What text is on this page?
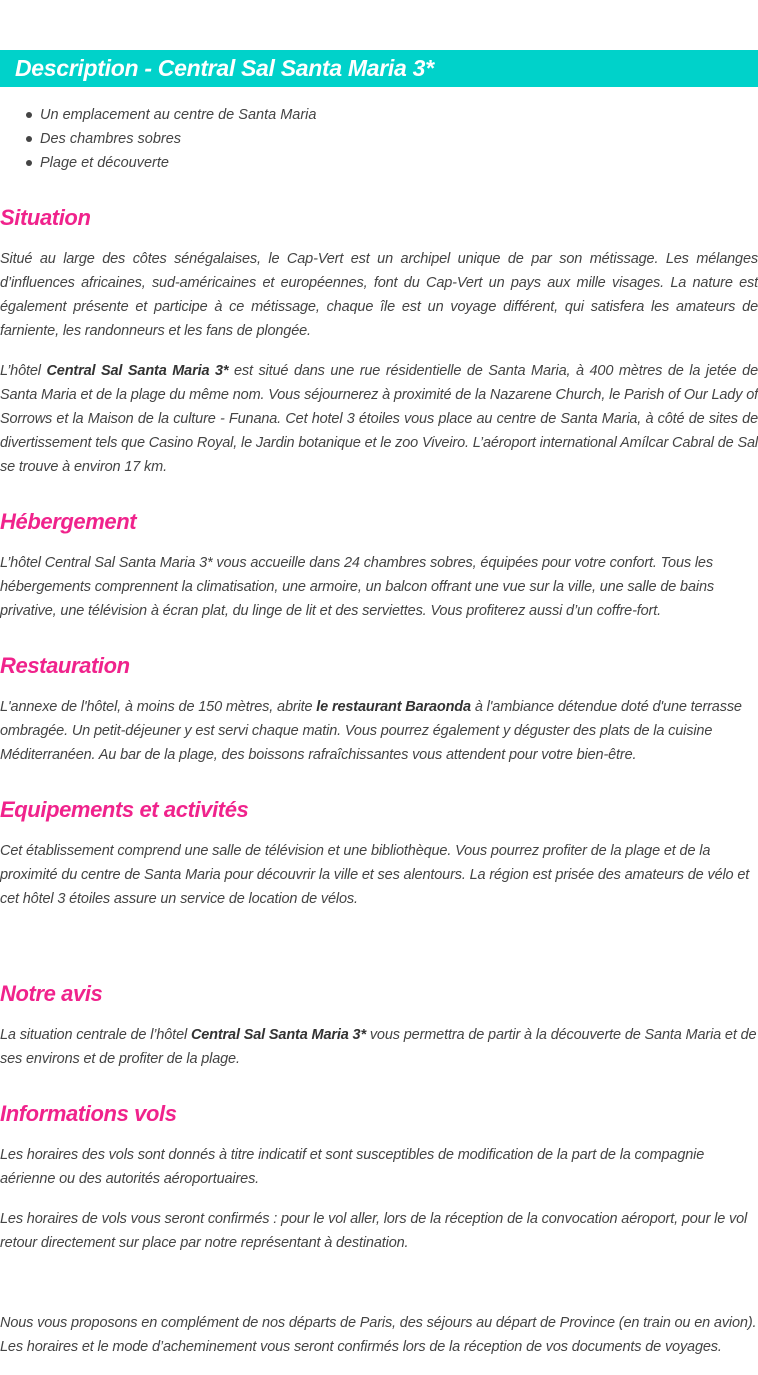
Description - Central Sal Santa Maria 3*
Un emplacement au centre de Santa Maria
Des chambres sobres
Plage et découverte
Situation

Situé au large des côtes sénégalaises, le Cap-Vert est un archipel unique de par son métissage. Les mélanges d’influences africaines, sud-américaines et européennes, font du Cap-Vert un pays aux mille visages. La nature est également présente et participe à ce métissage, chaque île est un voyage différent, qui satisfera les amateurs de farniente, les randonneurs et les fans de plongée.

L’hôtel Central Sal Santa Maria 3* est situé dans une rue résidentielle de Santa Maria, à 400 mètres de la jetée de Santa Maria et de la plage du même nom. Vous séjournerez à proximité de la Nazarene Church, le Parish of Our Lady of Sorrows et la Maison de la culture - Funana. Cet hotel 3 étoiles vous place au centre de Santa Maria, à côté de sites de divertissement tels que Casino Royal, le Jardin botanique et le zoo Viveiro. L’aéroport international Amílcar Cabral de Sal se trouve à environ 17 km.

Hébergement

L’hôtel Central Sal Santa Maria 3* vous accueille dans 24 chambres sobres, équipées pour votre confort. Tous les hébergements comprennent la climatisation, une armoire, un balcon offrant une vue sur la ville, une salle de bains privative, une télévision à écran plat, du linge de lit et des serviettes. Vous profiterez aussi d’un coffre-fort.

Restauration

L'annexe de l'hôtel, à moins de 150 mètres, abrite le restaurant Baraonda à l'ambiance détendue doté d'une terrasse ombragée. Un petit-déjeuner y est servi chaque matin. Vous pourrez également y déguster des plats de la cuisine Méditerranéen. Au bar de la plage, des boissons rafraîchissantes vous attendent pour votre bien-être.

Equipements et activités

Cet établissement comprend une salle de télévision et une bibliothèque. Vous pourrez profiter de la plage et de la proximité du centre de Santa Maria pour découvrir la ville et ses alentours. La région est prisée des amateurs de vélo et cet hôtel 3 étoiles assure un service de location de vélos.

Notre avis

La situation centrale de l’hôtel Central Sal Santa Maria 3* vous permettra de partir à la découverte de Santa Maria et de ses environs et de profiter de la plage.

Informations vols

Les horaires des vols sont donnés à titre indicatif et sont susceptibles de modification de la part de la compagnie aérienne ou des autorités aéroportuaires.

Les horaires de vols vous seront confirmés : pour le vol aller, lors de la réception de la convocation aéroport, pour le vol retour directement sur place par notre représentant à destination.

Nous vous proposons en complément de nos départs de Paris, des séjours au départ de Province (en train ou en avion).
Les horaires et le mode d’acheminement vous seront confirmés lors de la réception de vos documents de voyages.
